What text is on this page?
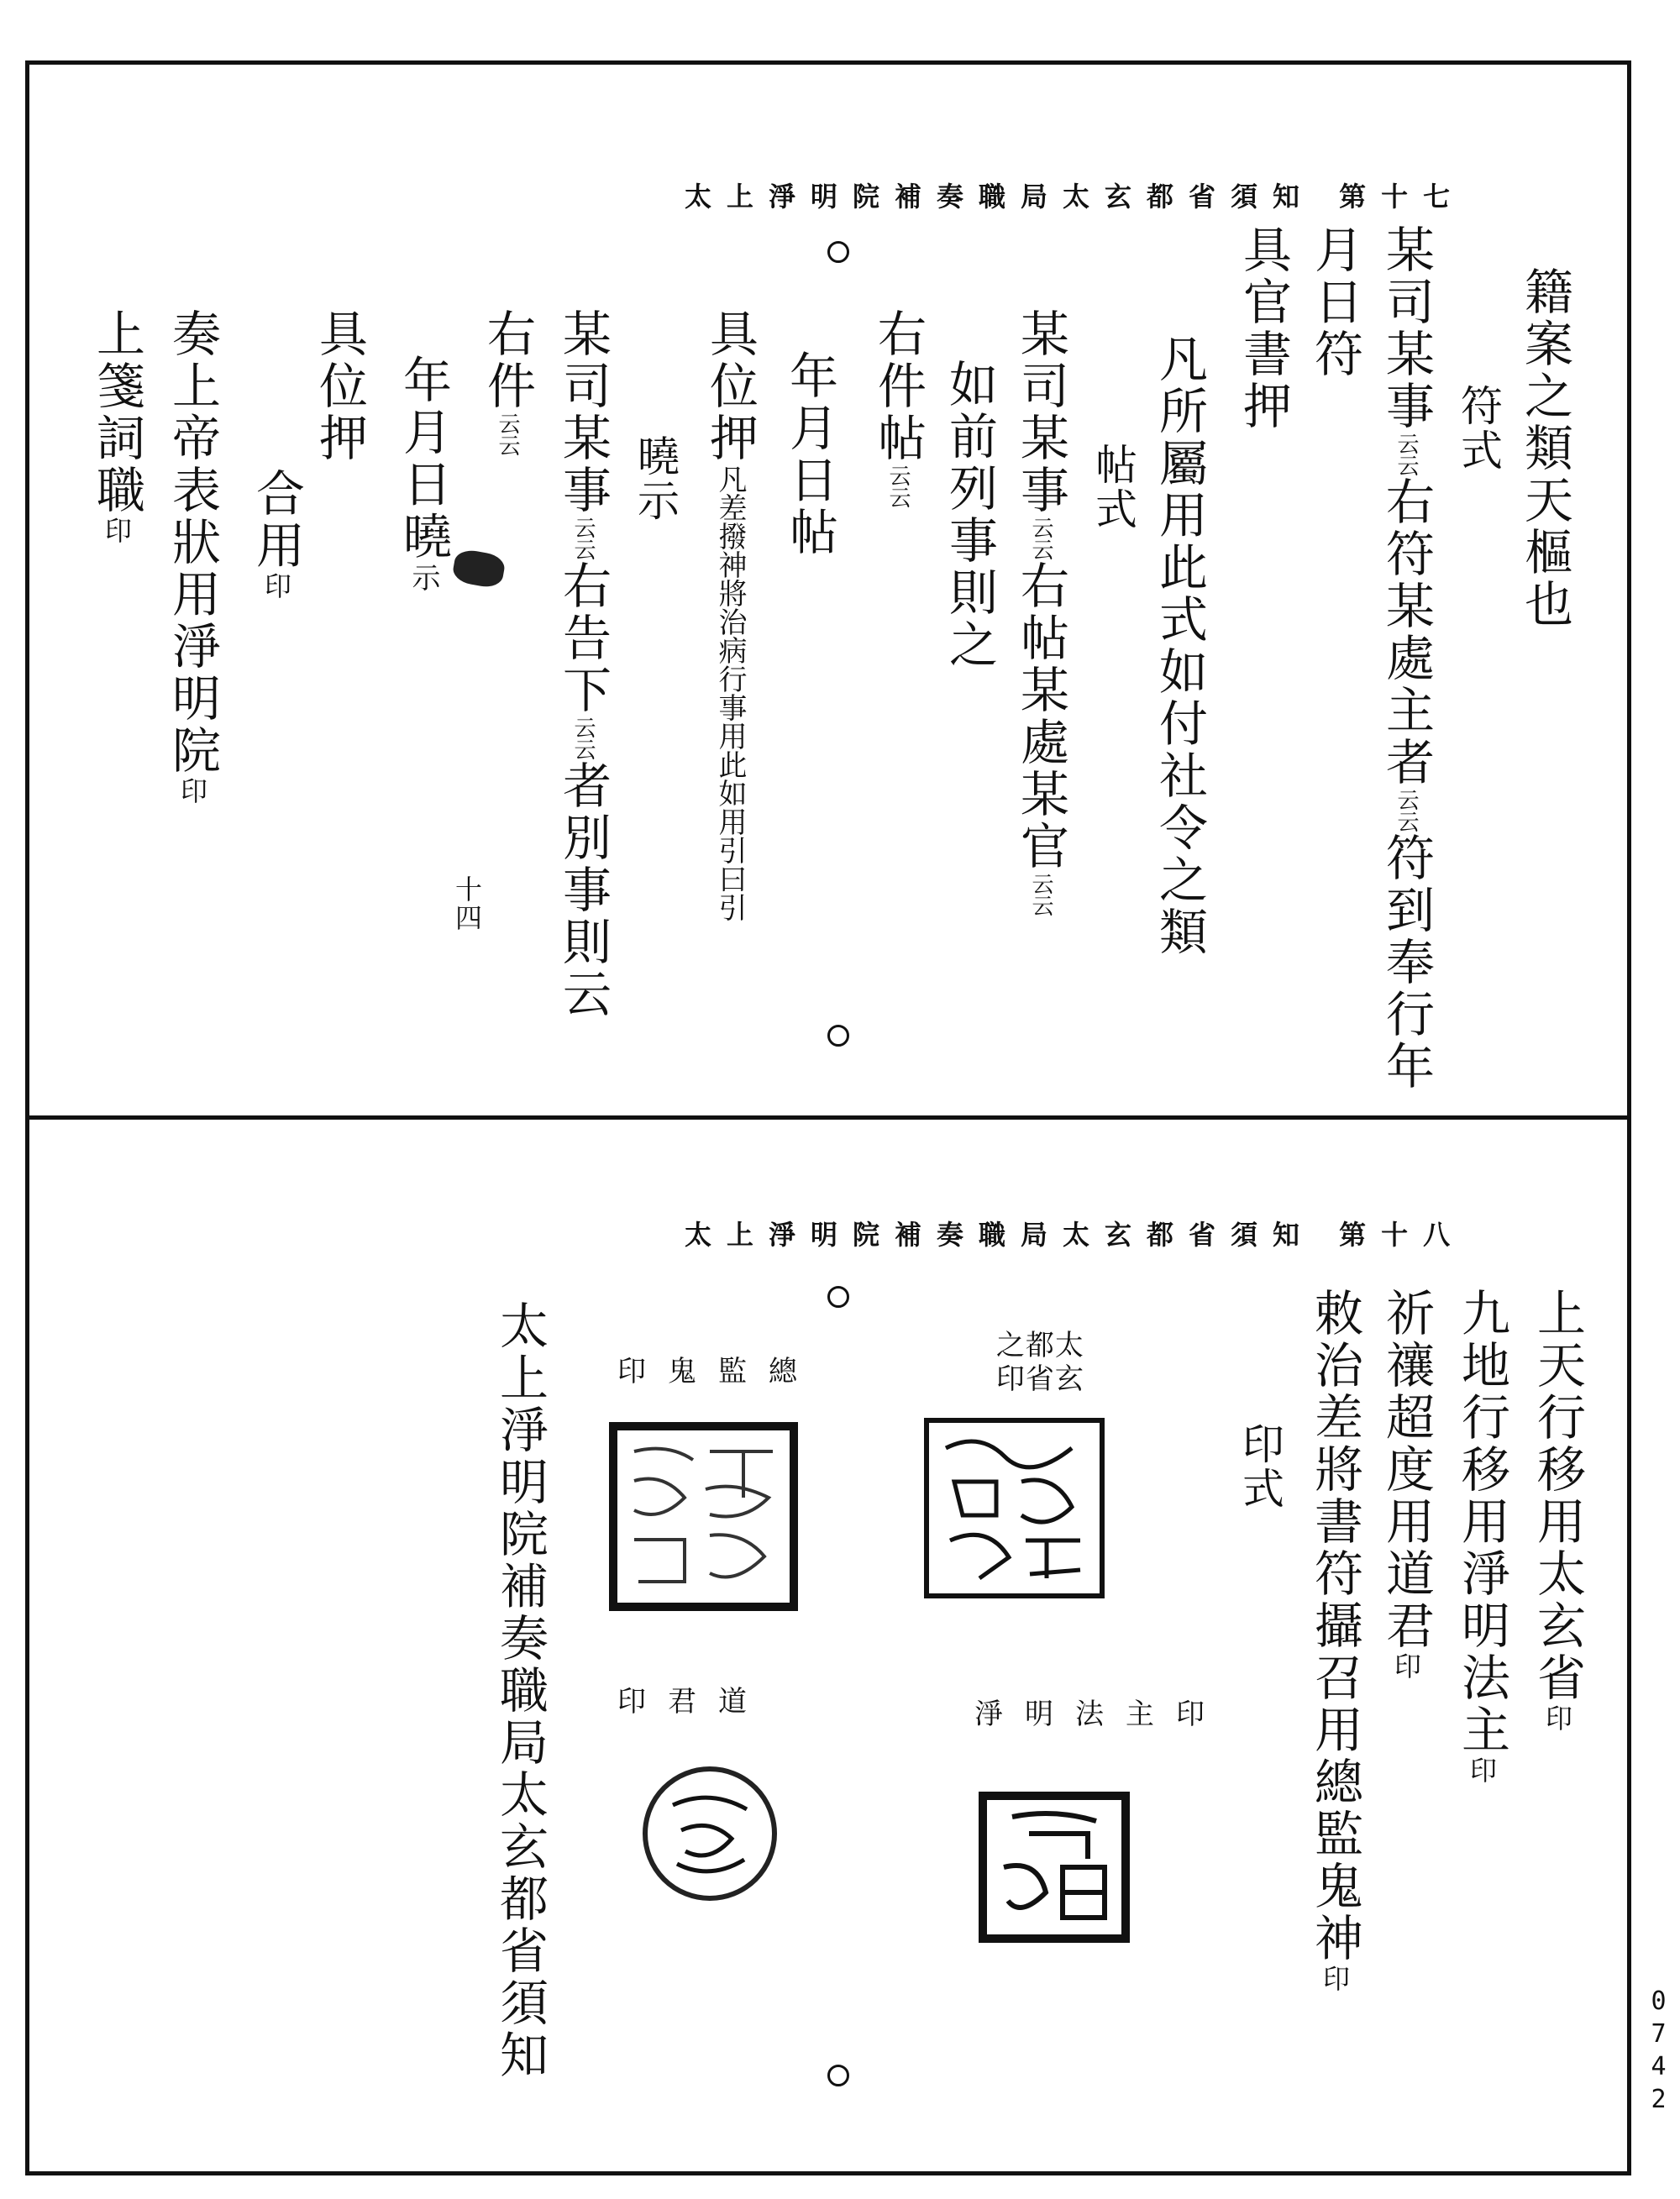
太上淨明院補奏職局太玄都省須知 第十七
籍案之類天樞也
符式
某司某事云云右符某處主者云云符到奉行年
月日符
具官書押
凡所屬用此式如付社令之類
帖式
某司某事云云右帖某處某官云云
如前列事則之
右件帖云云
年月日帖
具位押凡差撥神將治病行事用此如用引曰引
曉示
某司某事云云右告下云云者別事則云
右件云云
年月日曉示
具位押
合用印
奏上帝表狀用淨明院印
上箋詞職印
十四
太上淨明院補奏職局太玄都省須知 第十八
上天行移用太玄省印
九地行移用淨明法主印
祈禳超度用道君印
敕治差將書符攝召用總監鬼神印
印式
太玄
都省
之印
印鬼監總
淨明法主印
印君道
太上淨明院補奏職局太玄都省須知	0742
